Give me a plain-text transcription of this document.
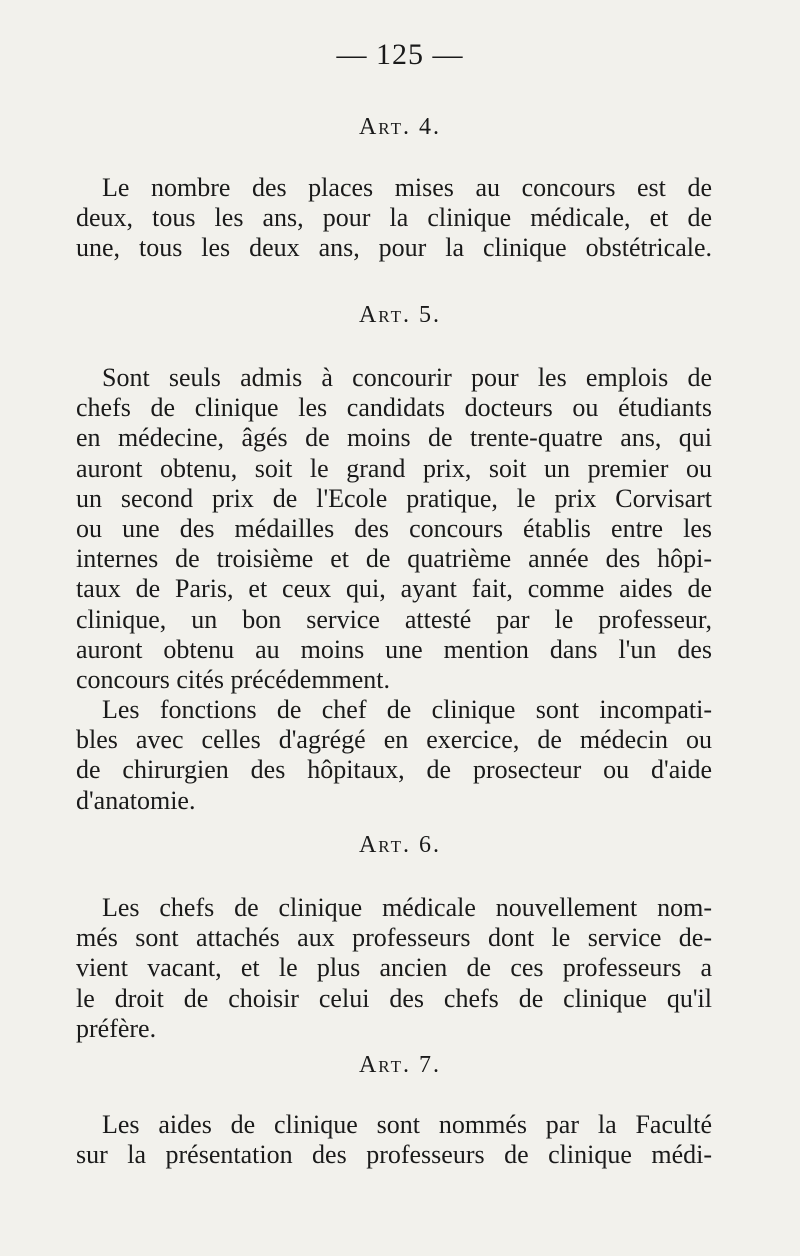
— 125 —
Art. 4.
Le nombre des places mises au concours est de
deux, tous les ans, pour la clinique médicale, et de
une, tous les deux ans, pour la clinique obstétricale.
Art. 5.
Sont seuls admis à concourir pour les emplois de
chefs de clinique les candidats docteurs ou étudiants
en médecine, âgés de moins de trente-quatre ans, qui
auront obtenu, soit le grand prix, soit un premier ou
un second prix de l'Ecole pratique, le prix Corvisart
ou une des médailles des concours établis entre les
internes de troisième et de quatrième année des hôpi-
taux de Paris, et ceux qui, ayant fait, comme aides de
clinique, un bon service attesté par le professeur,
auront obtenu au moins une mention dans l'un des
concours cités précédemment.
Les fonctions de chef de clinique sont incompati-
bles avec celles d'agrégé en exercice, de médecin ou
de chirurgien des hôpitaux, de prosecteur ou d'aide
d'anatomie.
Art. 6.
Les chefs de clinique médicale nouvellement nom-
més sont attachés aux professeurs dont le service de-
vient vacant, et le plus ancien de ces professeurs a
le droit de choisir celui des chefs de clinique qu'il
préfère.
Art. 7.
Les aides de clinique sont nommés par la Faculté
sur la présentation des professeurs de clinique médi-
